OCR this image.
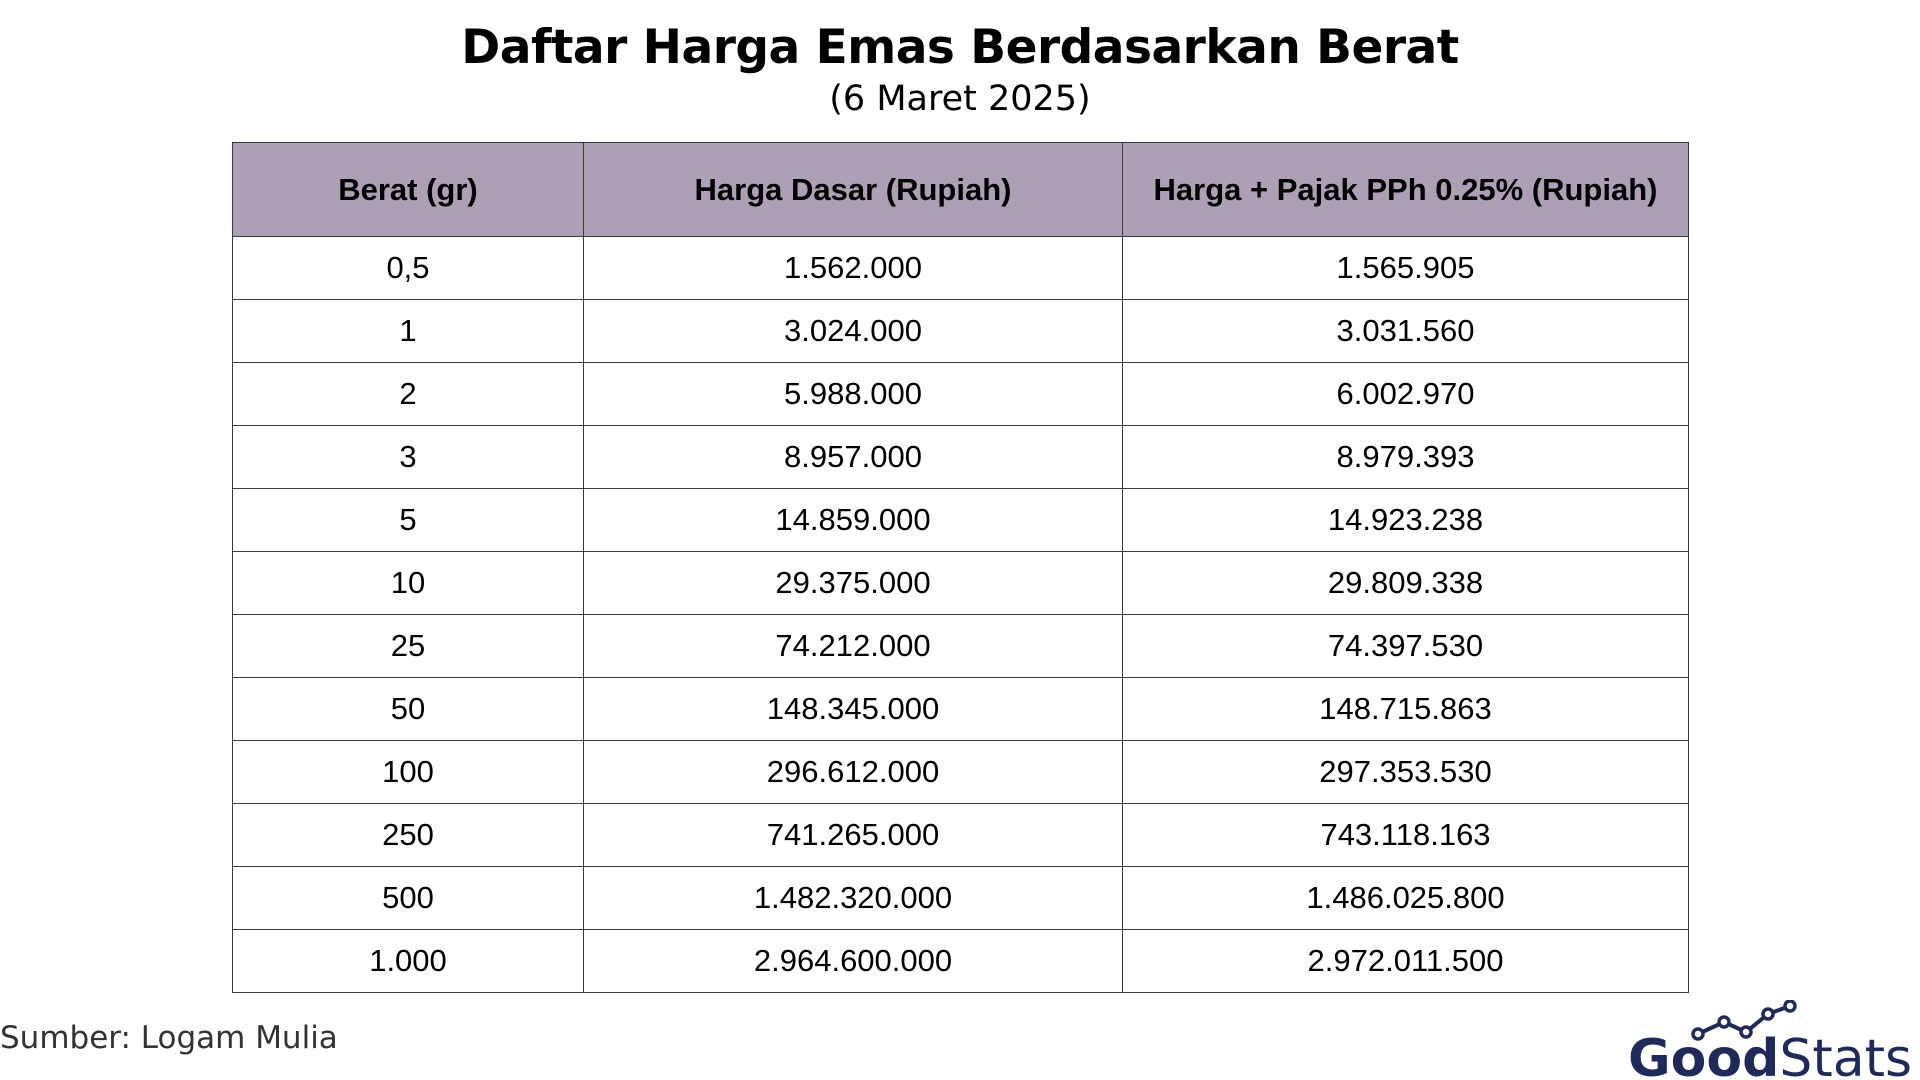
Daftar Harga Emas Berdasarkan Berat
(6 Maret 2025)
Berat (gr)	Harga Dasar (Rupiah)	Harga + Pajak PPh 0.25% (Rupiah)
0,5	1.562.000	1.565.905
1	3.024.000	3.031.560
2	5.988.000	6.002.970
3	8.957.000	8.979.393
5	14.859.000	14.923.238
10	29.375.000	29.809.338
25	74.212.000	74.397.530
50	148.345.000	148.715.863
100	296.612.000	297.353.530
250	741.265.000	743.118.163
500	1.482.320.000	1.486.025.800
1.000	2.964.600.000	2.972.011.500
Sumber: Logam Mulia	GoodStats
